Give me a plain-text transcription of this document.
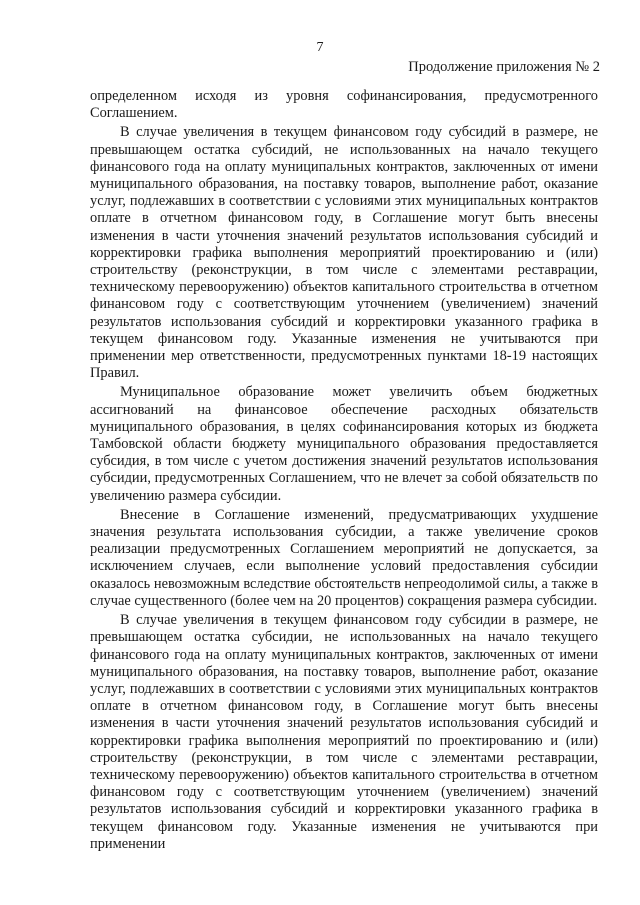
7
Продолжение приложения № 2

определенном исходя из уровня софинансирования, предусмотренного Соглашением.

В случае увеличения в текущем финансовом году субсидий в размере, не превышающем остатка субсидий, не использованных на начало текущего финансового года на оплату муниципальных контрактов, заключенных от имени муниципального образования, на поставку товаров, выполнение работ, оказание услуг, подлежавших в соответствии с условиями этих муниципальных контрактов оплате в отчетном финансовом году, в Соглашение могут быть внесены изменения в части уточнения значений результатов использования субсидий и корректировки графика выполнения мероприятий проектированию и (или) строительству (реконструкции, в том числе с элементами реставрации, техническому перевооружению) объектов капитального строительства в отчетном финансовом году с соответствующим уточнением (увеличением) значений результатов использования субсидий и корректировки указанного графика в текущем финансовом году. Указанные изменения не учитываются при применении мер ответственности, предусмотренных пунктами 18-19 настоящих Правил.

Муниципальное образование может увеличить объем бюджетных ассигнований на финансовое обеспечение расходных обязательств муниципального образования, в целях софинансирования которых из бюджета Тамбовской области бюджету муниципального образования предоставляется субсидия, в том числе с учетом достижения значений результатов использования субсидии, предусмотренных Соглашением, что не влечет за собой обязательств по увеличению размера субсидии.

Внесение в Соглашение изменений, предусматривающих ухудшение значения результата использования субсидии, а также увеличение сроков реализации предусмотренных Соглашением мероприятий не допускается, за исключением случаев, если выполнение условий предоставления субсидии оказалось невозможным вследствие обстоятельств непреодолимой силы, а также в случае существенного (более чем на 20 процентов) сокращения размера субсидии.

В случае увеличения в текущем финансовом году субсидии в размере, не превышающем остатка субсидии, не использованных на начало текущего финансового года на оплату муниципальных контрактов, заключенных от имени муниципального образования, на поставку товаров, выполнение работ, оказание услуг, подлежавших в соответствии с условиями этих муниципальных контрактов оплате в отчетном финансовом году, в Соглашение могут быть внесены изменения в части уточнения значений результатов использования субсидий и корректировки графика выполнения мероприятий по проектированию и (или) строительству (реконструкции, в том числе с элементами реставрации, техническому перевооружению) объектов капитального строительства в отчетном финансовом году с соответствующим уточнением (увеличением) значений результатов использования субсидий и корректировки указанного графика в текущем финансовом году. Указанные изменения не учитываются при применении
